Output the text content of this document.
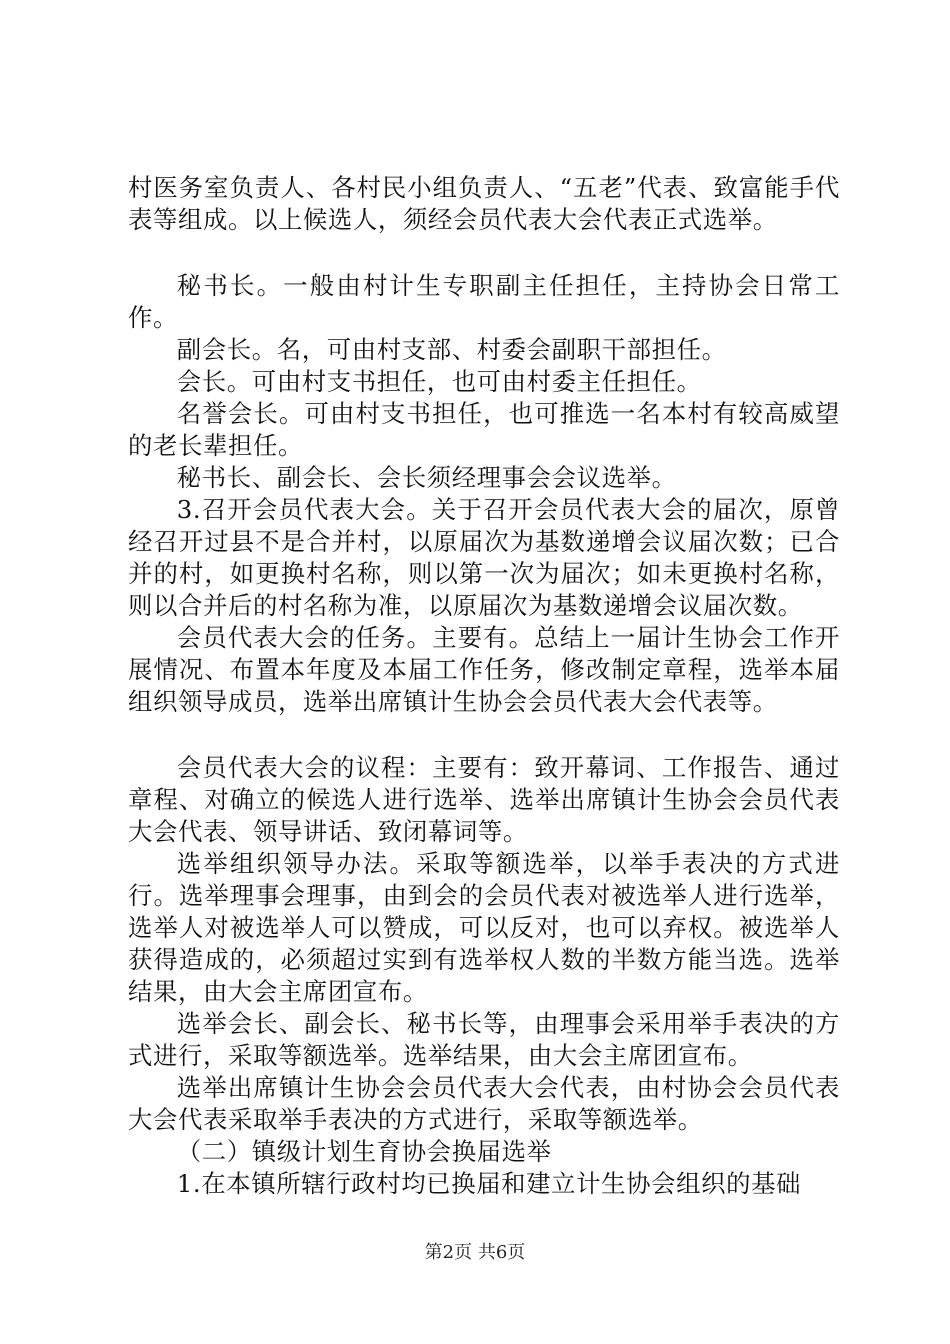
村医务室负责人、各村民小组负责人、“五老”代表、致富能手代表等组成。以上候选人，须经会员代表大会代表正式选举。

秘书长。一般由村计生专职副主任担任，主持协会日常工作。

副会长。名，可由村支部、村委会副职干部担任。

会长。可由村支书担任，也可由村委主任担任。

名誉会长。可由村支书担任，也可推选一名本村有较高威望的老长辈担任。

秘书长、副会长、会长须经理事会会议选举。

3.召开会员代表大会。关于召开会员代表大会的届次，原曾经召开过县不是合并村，以原届次为基数递增会议届次数；已合并的村，如更换村名称，则以第一次为届次；如未更换村名称，则以合并后的村名称为准，以原届次为基数递增会议届次数。

会员代表大会的任务。主要有。总结上一届计生协会工作开展情况、布置本年度及本届工作任务，修改制定章程，选举本届组织领导成员，选举出席镇计生协会会员代表大会代表等。

会员代表大会的议程：主要有：致开幕词、工作报告、通过章程、对确立的候选人进行选举、选举出席镇计生协会会员代表大会代表、领导讲话、致闭幕词等。

选举组织领导办法。采取等额选举，以举手表决的方式进行。选举理事会理事，由到会的会员代表对被选举人进行选举，选举人对被选举人可以赞成，可以反对，也可以弃权。被选举人获得造成的，必须超过实到有选举权人数的半数方能当选。选举结果，由大会主席团宣布。

选举会长、副会长、秘书长等，由理事会采用举手表决的方式进行，采取等额选举。选举结果，由大会主席团宣布。

选举出席镇计生协会会员代表大会代表，由村协会会员代表大会代表采取举手表决的方式进行，采取等额选举。

（二）镇级计划生育协会换届选举

1.在本镇所辖行政村均已换届和建立计生协会组织的基础

第2页 共6页
